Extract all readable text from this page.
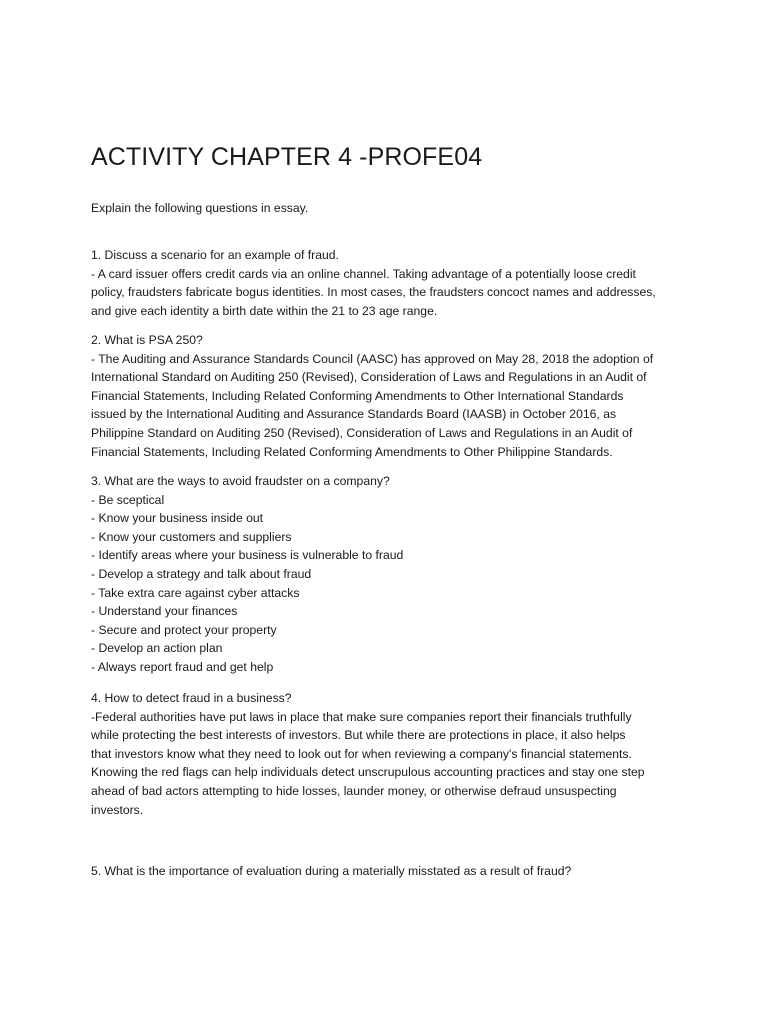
ACTIVITY CHAPTER 4 -PROFE04
Explain the following questions in essay.
1. Discuss a scenario for an example of fraud.
- A card issuer offers credit cards via an online channel. Taking advantage of a potentially loose credit
policy, fraudsters fabricate bogus identities. In most cases, the fraudsters concoct names and addresses,
and give each identity a birth date within the 21 to 23 age range.
2. What is PSA 250?
- The Auditing and Assurance Standards Council (AASC) has approved on May 28, 2018 the adoption of
International Standard on Auditing 250 (Revised), Consideration of Laws and Regulations in an Audit of
Financial Statements, Including Related Conforming Amendments to Other International Standards
issued by the International Auditing and Assurance Standards Board (IAASB) in October 2016, as
Philippine Standard on Auditing 250 (Revised), Consideration of Laws and Regulations in an Audit of
Financial Statements, Including Related Conforming Amendments to Other Philippine Standards.
3. What are the ways to avoid fraudster on a company?
- Be sceptical
- Know your business inside out
- Know your customers and suppliers
- Identify areas where your business is vulnerable to fraud
- Develop a strategy and talk about fraud
- Take extra care against cyber attacks
- Understand your finances
- Secure and protect your property
- Develop an action plan
- Always report fraud and get help
4. How to detect fraud in a business?
-Federal authorities have put laws in place that make sure companies report their financials truthfully
while protecting the best interests of investors. But while there are protections in place, it also helps
that investors know what they need to look out for when reviewing a company's financial statements.
Knowing the red flags can help individuals detect unscrupulous accounting practices and stay one step
ahead of bad actors attempting to hide losses, launder money, or otherwise defraud unsuspecting
investors.
5. What is the importance of evaluation during a materially misstated as a result of fraud?
